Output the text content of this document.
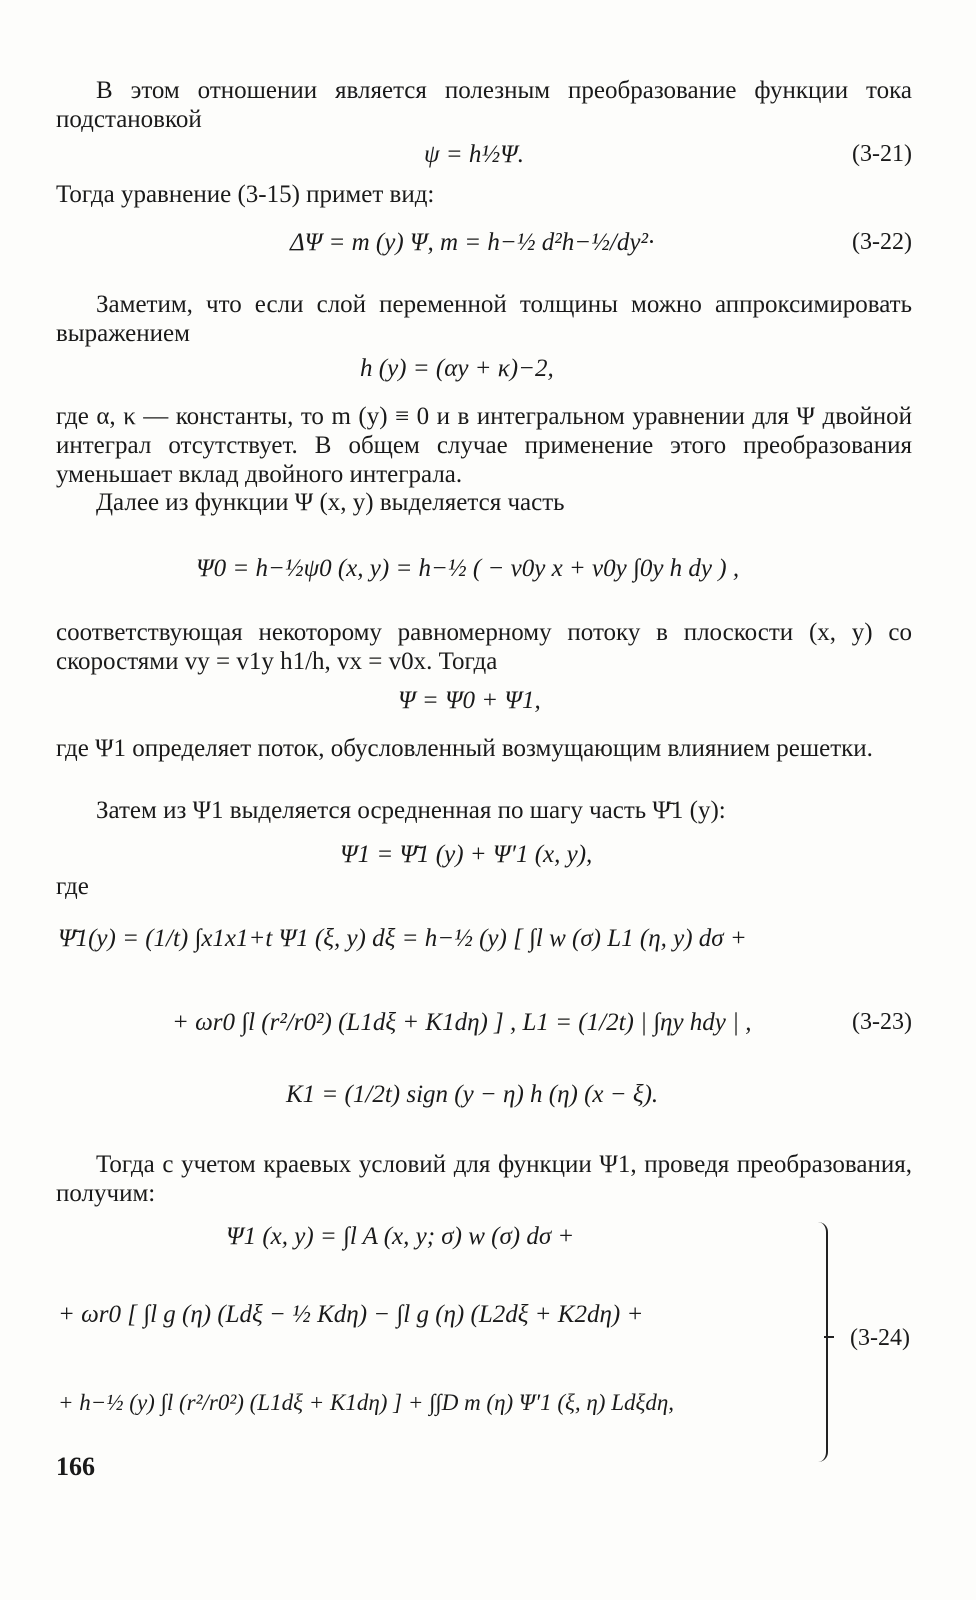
В этом отношении является полезным преобразование функции тока подстановкой
ψ = h½Ψ.	(3-21)
Тогда уравнение (3-15) примет вид:
ΔΨ = m (y) Ψ, m = h−½ d²h−½/dy²·	(3-22)
Заметим, что если слой переменной толщины можно аппроксимировать выражением
h (y) = (αy + κ)−2,
где α, κ — константы, то m (y) ≡ 0 и в интегральном уравнении для Ψ двойной интеграл отсутствует. В общем случае применение этого преобразования уменьшает вклад двойного интеграла.
Далее из функции Ψ (x, y) выделяется часть
Ψ0 = h−½ψ0 (x, y) = h−½ ( − v0y x + v0y ∫0y h dy ) ,
соответствующая некоторому равномерному потоку в плоскости (x, y) со скоростями vy = v1y h1/h, vx = v0x. Тогда
Ψ = Ψ0 + Ψ1,
где Ψ1 определяет поток, обусловленный возмущающим влиянием решетки.
Затем из Ψ1 выделяется осредненная по шагу часть Ψ̄1 (y):
Ψ1 = Ψ̄1 (y) + Ψ′1 (x, y),
где
Ψ̄1(y) = (1/t) ∫x1x1+t Ψ1 (ξ, y) dξ = h−½ (y) [ ∫l w (σ) L1 (η, y) dσ +
+ ωr0 ∫l (r²/r0²) (L1dξ + K1dη) ] , L1 = (1/2t) | ∫ηy hdy | ,	(3-23)
K1 = (1/2t) sign (y − η) h (η) (x − ξ).
Тогда с учетом краевых условий для функции Ψ1, проведя преобразования, получим:
Ψ1 (x, y) = ∫l A (x, y; σ) w (σ) dσ +
+ ωr0 [ ∫l g (η) (Ldξ − ½ Kdη) − ∫l g (η) (L2dξ + K2dη) +
+ h−½ (y) ∫l (r²/r0²) (L1dξ + K1dη) ] + ∫∫D m (η) Ψ′1 (ξ, η) Ldξdη,
(3-24)
166
